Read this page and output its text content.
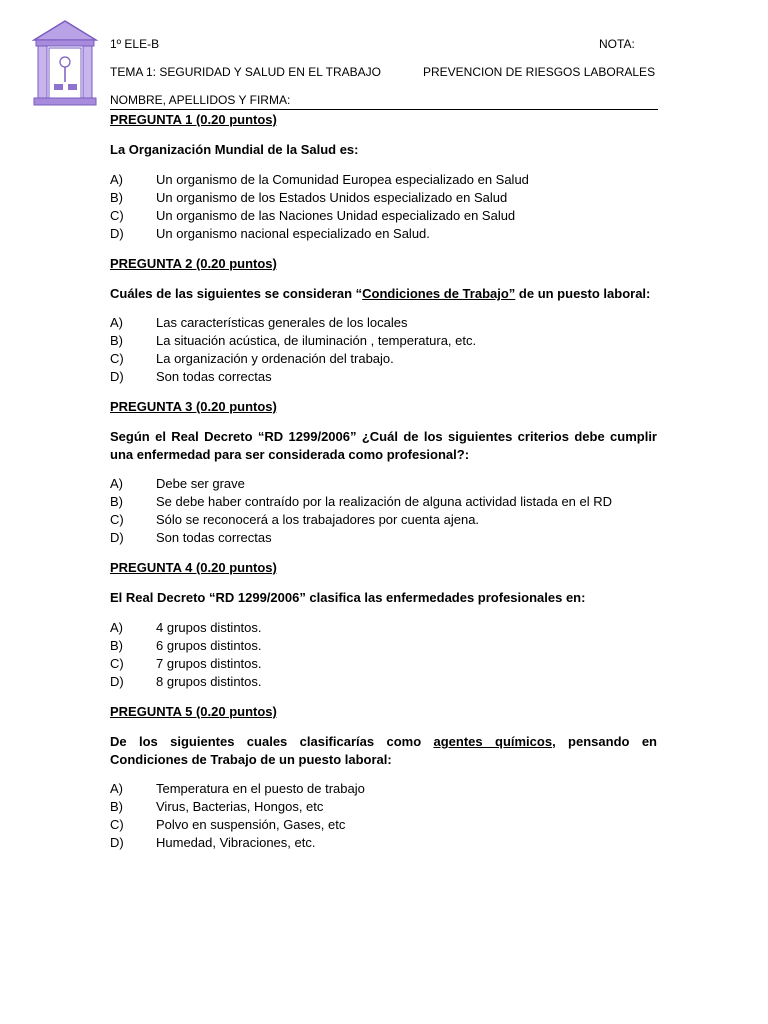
1º ELE-B	NOTA:
TEMA 1: SEGURIDAD Y SALUD EN EL TRABAJO	PREVENCION DE RIESGOS LABORALES
NOMBRE, APELLIDOS Y FIRMA:

PREGUNTA 1 (0.20 puntos)

La Organización Mundial de la Salud es:

A)	Un organismo de la Comunidad Europea especializado en Salud
B)	Un organismo de los Estados Unidos especializado en Salud
C)	Un organismo de las Naciones Unidad especializado en Salud
D)	Un organismo nacional especializado en Salud.

PREGUNTA 2 (0.20 puntos)

Cuáles de las siguientes se consideran “Condiciones de Trabajo” de un puesto laboral:

A)	Las características generales de los locales
B)	La situación acústica, de iluminación , temperatura, etc.
C)	La organización y ordenación del trabajo.
D)	Son todas correctas

PREGUNTA 3 (0.20 puntos)

Según el Real Decreto “RD 1299/2006” ¿Cuál de los siguientes criterios debe cumplir una enfermedad para ser considerada como profesional?:

A)	Debe ser grave
B)	Se debe haber contraído por la realización de alguna actividad listada en el RD
C)	Sólo se reconocerá a los trabajadores por cuenta ajena.
D)	Son todas correctas

PREGUNTA 4 (0.20 puntos)

El Real Decreto “RD 1299/2006” clasifica las enfermedades profesionales en:

A)	4 grupos distintos.
B)	6 grupos distintos.
C)	7 grupos distintos.
D)	8 grupos distintos.

PREGUNTA 5 (0.20 puntos)

De los siguientes cuales clasificarías como agentes químicos, pensando en Condiciones de Trabajo de un puesto laboral:

A)	Temperatura en el puesto de trabajo
B)	Virus, Bacterias, Hongos, etc
C)	Polvo en suspensión, Gases, etc
D)	Humedad, Vibraciones, etc.
